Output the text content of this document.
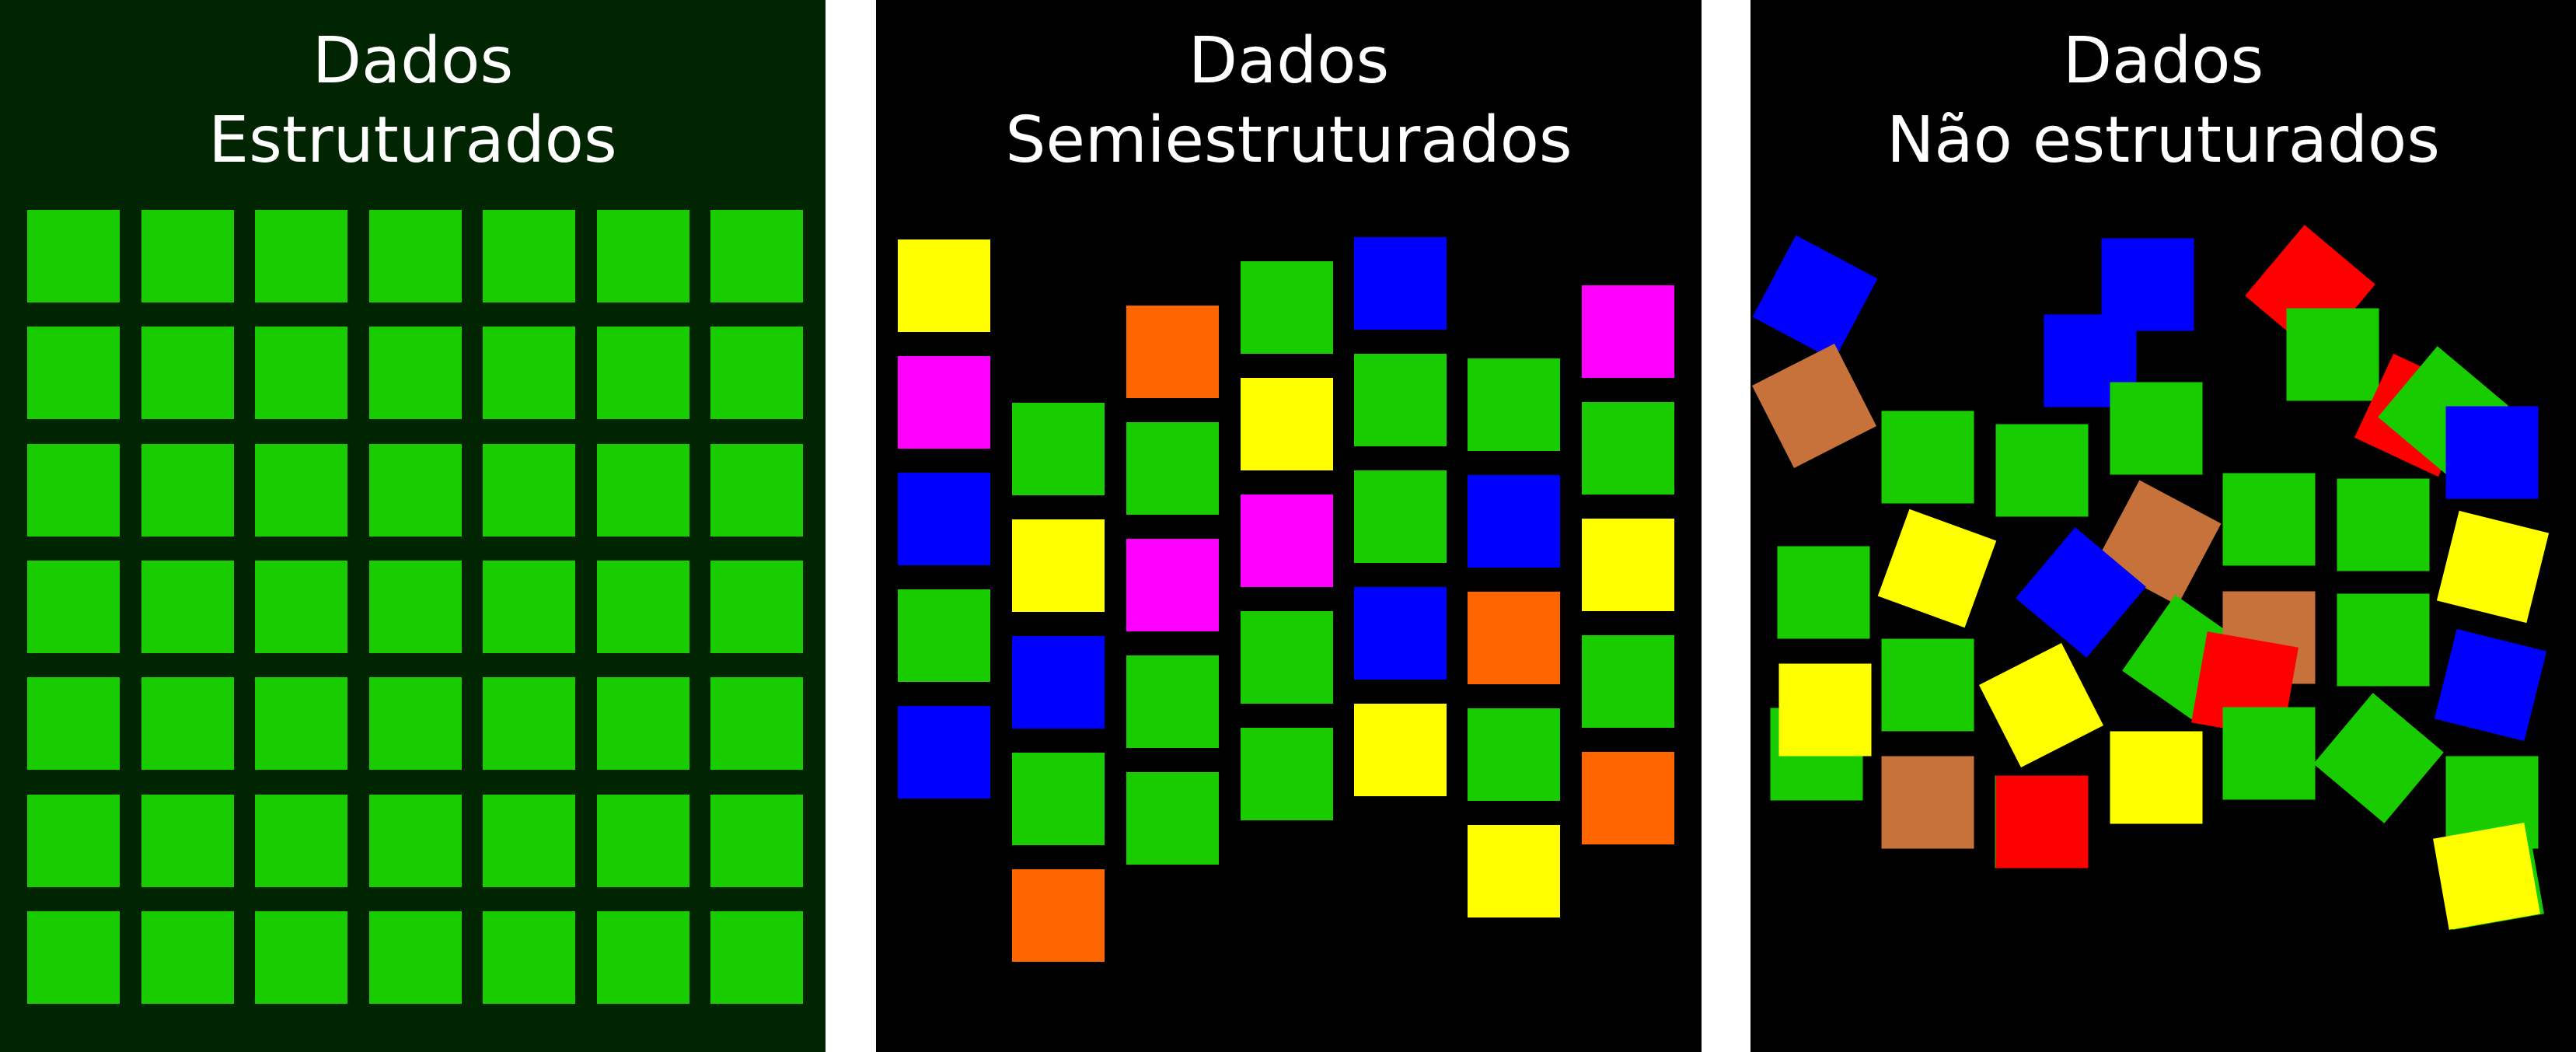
Dados
Estruturados
Dados
Semiestruturados
Dados
Não estruturados
